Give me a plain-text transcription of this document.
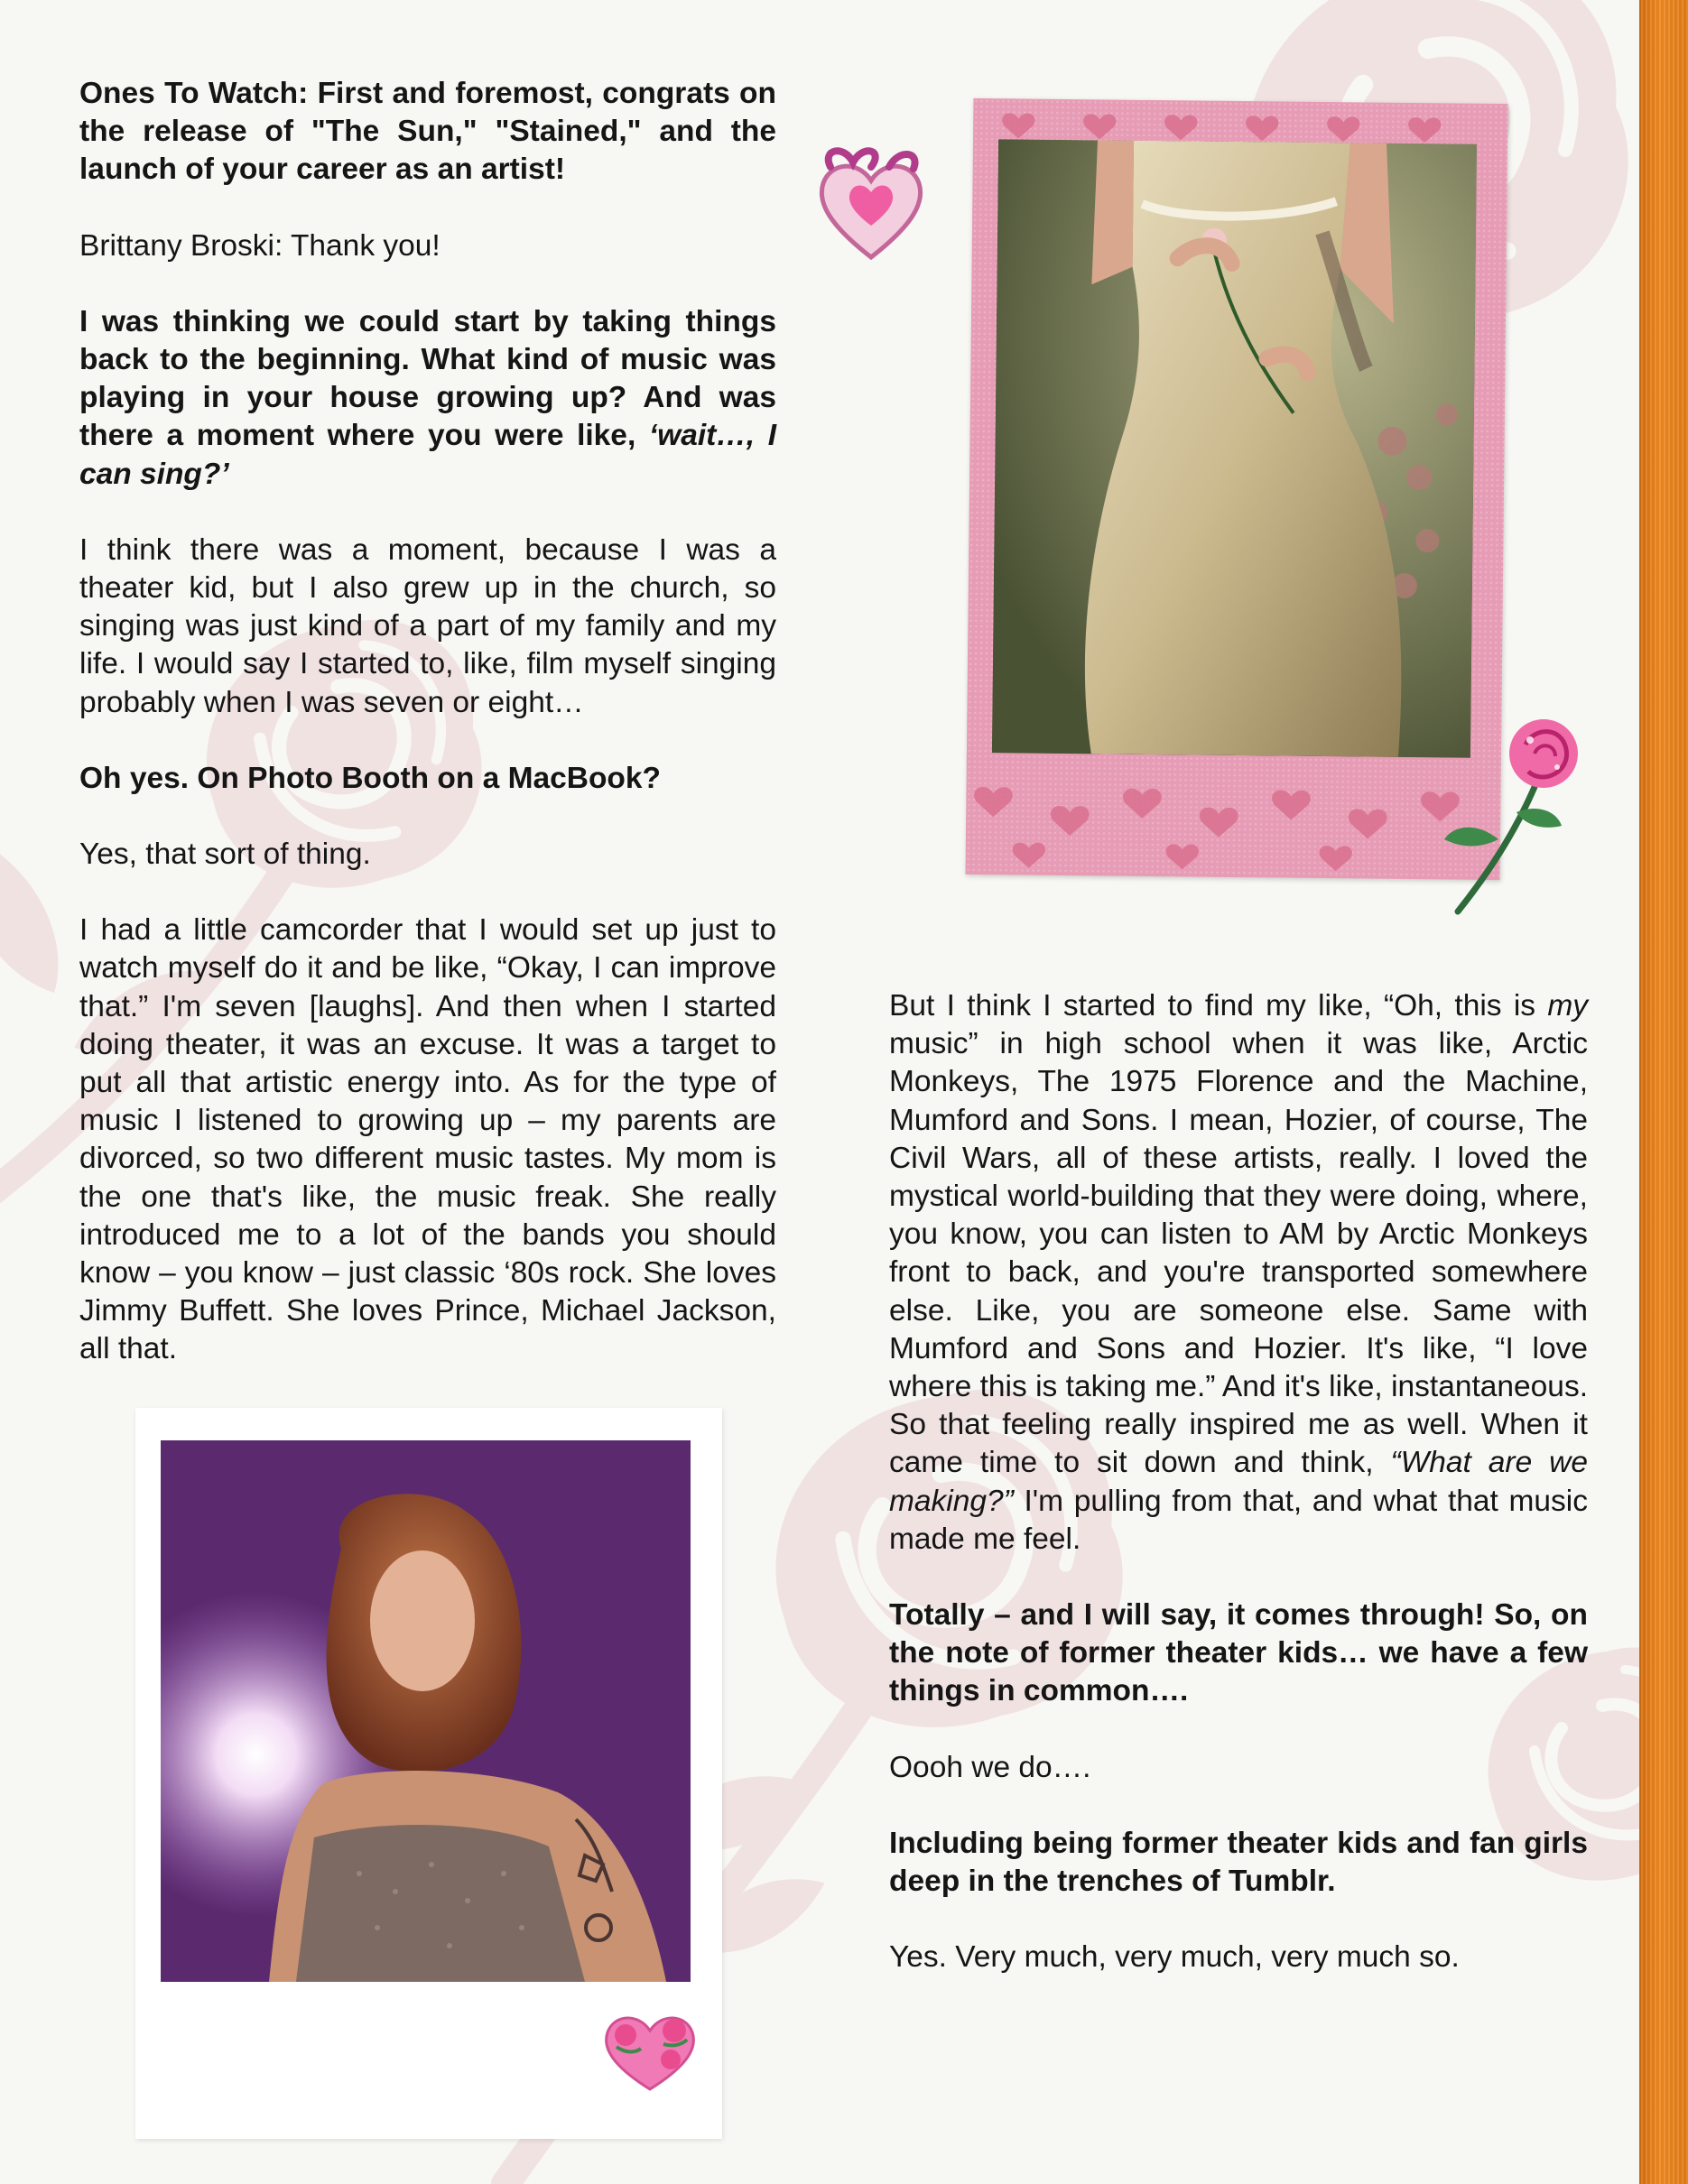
Ones To Watch: First and foremost, congrats on the release of "The Sun," "Stained," and the launch of your career as an artist!

Brittany Broski: Thank you!

I was thinking we could start by taking things back to the beginning. What kind of music was playing in your house growing up? And was there a moment where you were like, ‘wait…, I can sing?’

I think there was a moment, because I was a theater kid, but I also grew up in the church, so singing was just kind of a part of my family and my life. I would say I started to, like, film myself singing probably when I was seven or eight…

Oh yes. On Photo Booth on a MacBook?

Yes, that sort of thing.

I had a little camcorder that I would set up just to watch myself do it and be like, “Okay, I can improve that.” I'm seven [laughs]. And then when I started doing theater, it was an excuse. It was a target to put all that artistic energy into. As for the type of music I listened to growing up – my parents are divorced, so two different music tastes. My mom is the one that's like, the music freak. She really introduced me to a lot of the bands you should know – you know – just classic ‘80s rock. She loves Jimmy Buffett. She loves Prince, Michael Jackson, all that.

But I think I started to find my like, “Oh, this is my music” in high school when it was like, Arctic Monkeys, The 1975 Florence and the Machine, Mumford and Sons. I mean, Hozier, of course, The Civil Wars, all of these artists, really. I loved the mystical world-building that they were doing, where, you know, you can listen to AM by Arctic Monkeys front to back, and you're transported somewhere else. Like, you are someone else. Same with Mumford and Sons and Hozier. It's like, “I love where this is taking me.” And it's like, instantaneous. So that feeling really inspired me as well. When it came time to sit down and think, “What are we making?” I'm pulling from that, and what that music made me feel.

Totally – and I will say, it comes through! So, on the note of former theater kids… we have a few things in common….

Oooh we do….

Including being former theater kids and fan girls deep in the trenches of Tumblr.

Yes. Very much, very much, very much so.
